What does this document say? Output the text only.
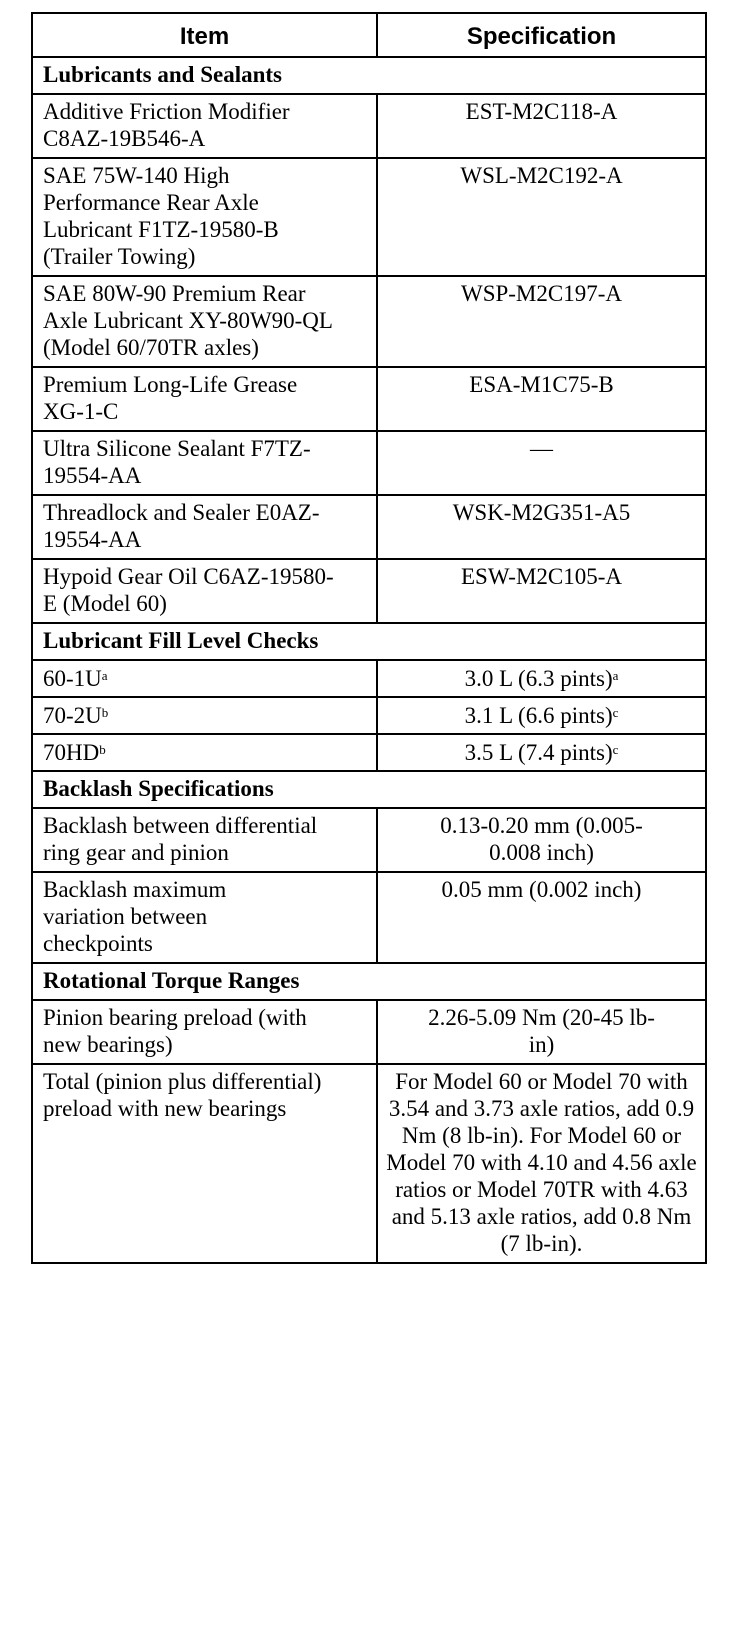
Item	Specification
Lubricants and Sealants	
Additive Friction Modifier C8AZ-19B546-A	EST-M2C118-A
SAE 75W-140 High Performance Rear Axle Lubricant F1TZ-19580-B (Trailer Towing)	WSL-M2C192-A
SAE 80W-90 Premium Rear Axle Lubricant XY-80W90-QL (Model 60/70TR axles)	WSP-M2C197-A
Premium Long-Life Grease XG-1-C	ESA-M1C75-B
Ultra Silicone Sealant F7TZ-19554-AA	—
Threadlock and Sealer E0AZ-19554-AA	WSK-M2G351-A5
Hypoid Gear Oil C6AZ-19580-E (Model 60)	ESW-M2C105-A
Lubricant Fill Level Checks	
$60-1U^a$	3.0 L (6.3 pints)$^a$
$70-2U^b$	3.1 L (6.6 pints)$^c$
$70HD^b$	3.5 L (7.4 pints)$^c$
Backlash Specifications	
Backlash between differential ring gear and pinion	0.13-0.20 mm (0.005-0.008 inch)
Backlash maximum variation between checkpoints	0.05 mm (0.002 inch)
Rotational Torque Ranges	
Pinion bearing preload (with new bearings)	2.26-5.09 Nm (20-45 lb-in)
Total (pinion plus differential) preload with new bearings	For Model 60 or Model 70 with 3.54 and 3.73 axle ratios, add 0.9 Nm (8 lb-in). For Model 60 or Model 70 with 4.10 and 4.56 axle ratios or Model 70TR with 4.63 and 5.13 axle ratios, add 0.8 Nm (7 lb-in).
